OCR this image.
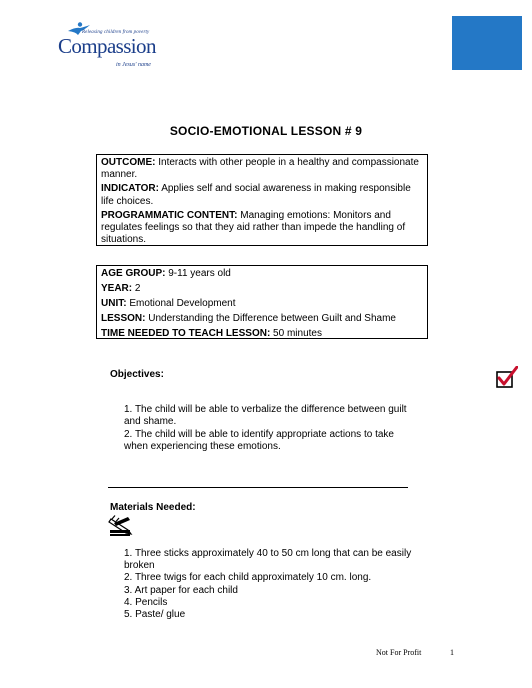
Releasing children from poverty
Compassion
in Jesus' name
SOCIO-EMOTIONAL LESSON # 9

OUTCOME: Interacts with other people in a healthy and compassionate manner.

INDICATOR: Applies self and social awareness in making responsible life choices.

PROGRAMMATIC CONTENT: Managing emotions: Monitors and regulates feelings so that they aid rather than impede the handling of situations.

AGE GROUP: 9-11 years old

YEAR: 2

UNIT: Emotional Development

LESSON: Understanding the Difference between Guilt and Shame

TIME NEEDED TO TEACH LESSON: 50 minutes

Objectives:
1. The child will be able to verbalize the difference between guilt and shame.
2. The child will be able to identify appropriate actions to take when experiencing these emotions.
Materials Needed:
1. Three sticks approximately 40 to 50 cm long that can be easily broken
2. Three twigs for each child approximately 10 cm. long.
3. Art paper for each child
4. Pencils
5. Paste/ glue
Not For Profit	1
